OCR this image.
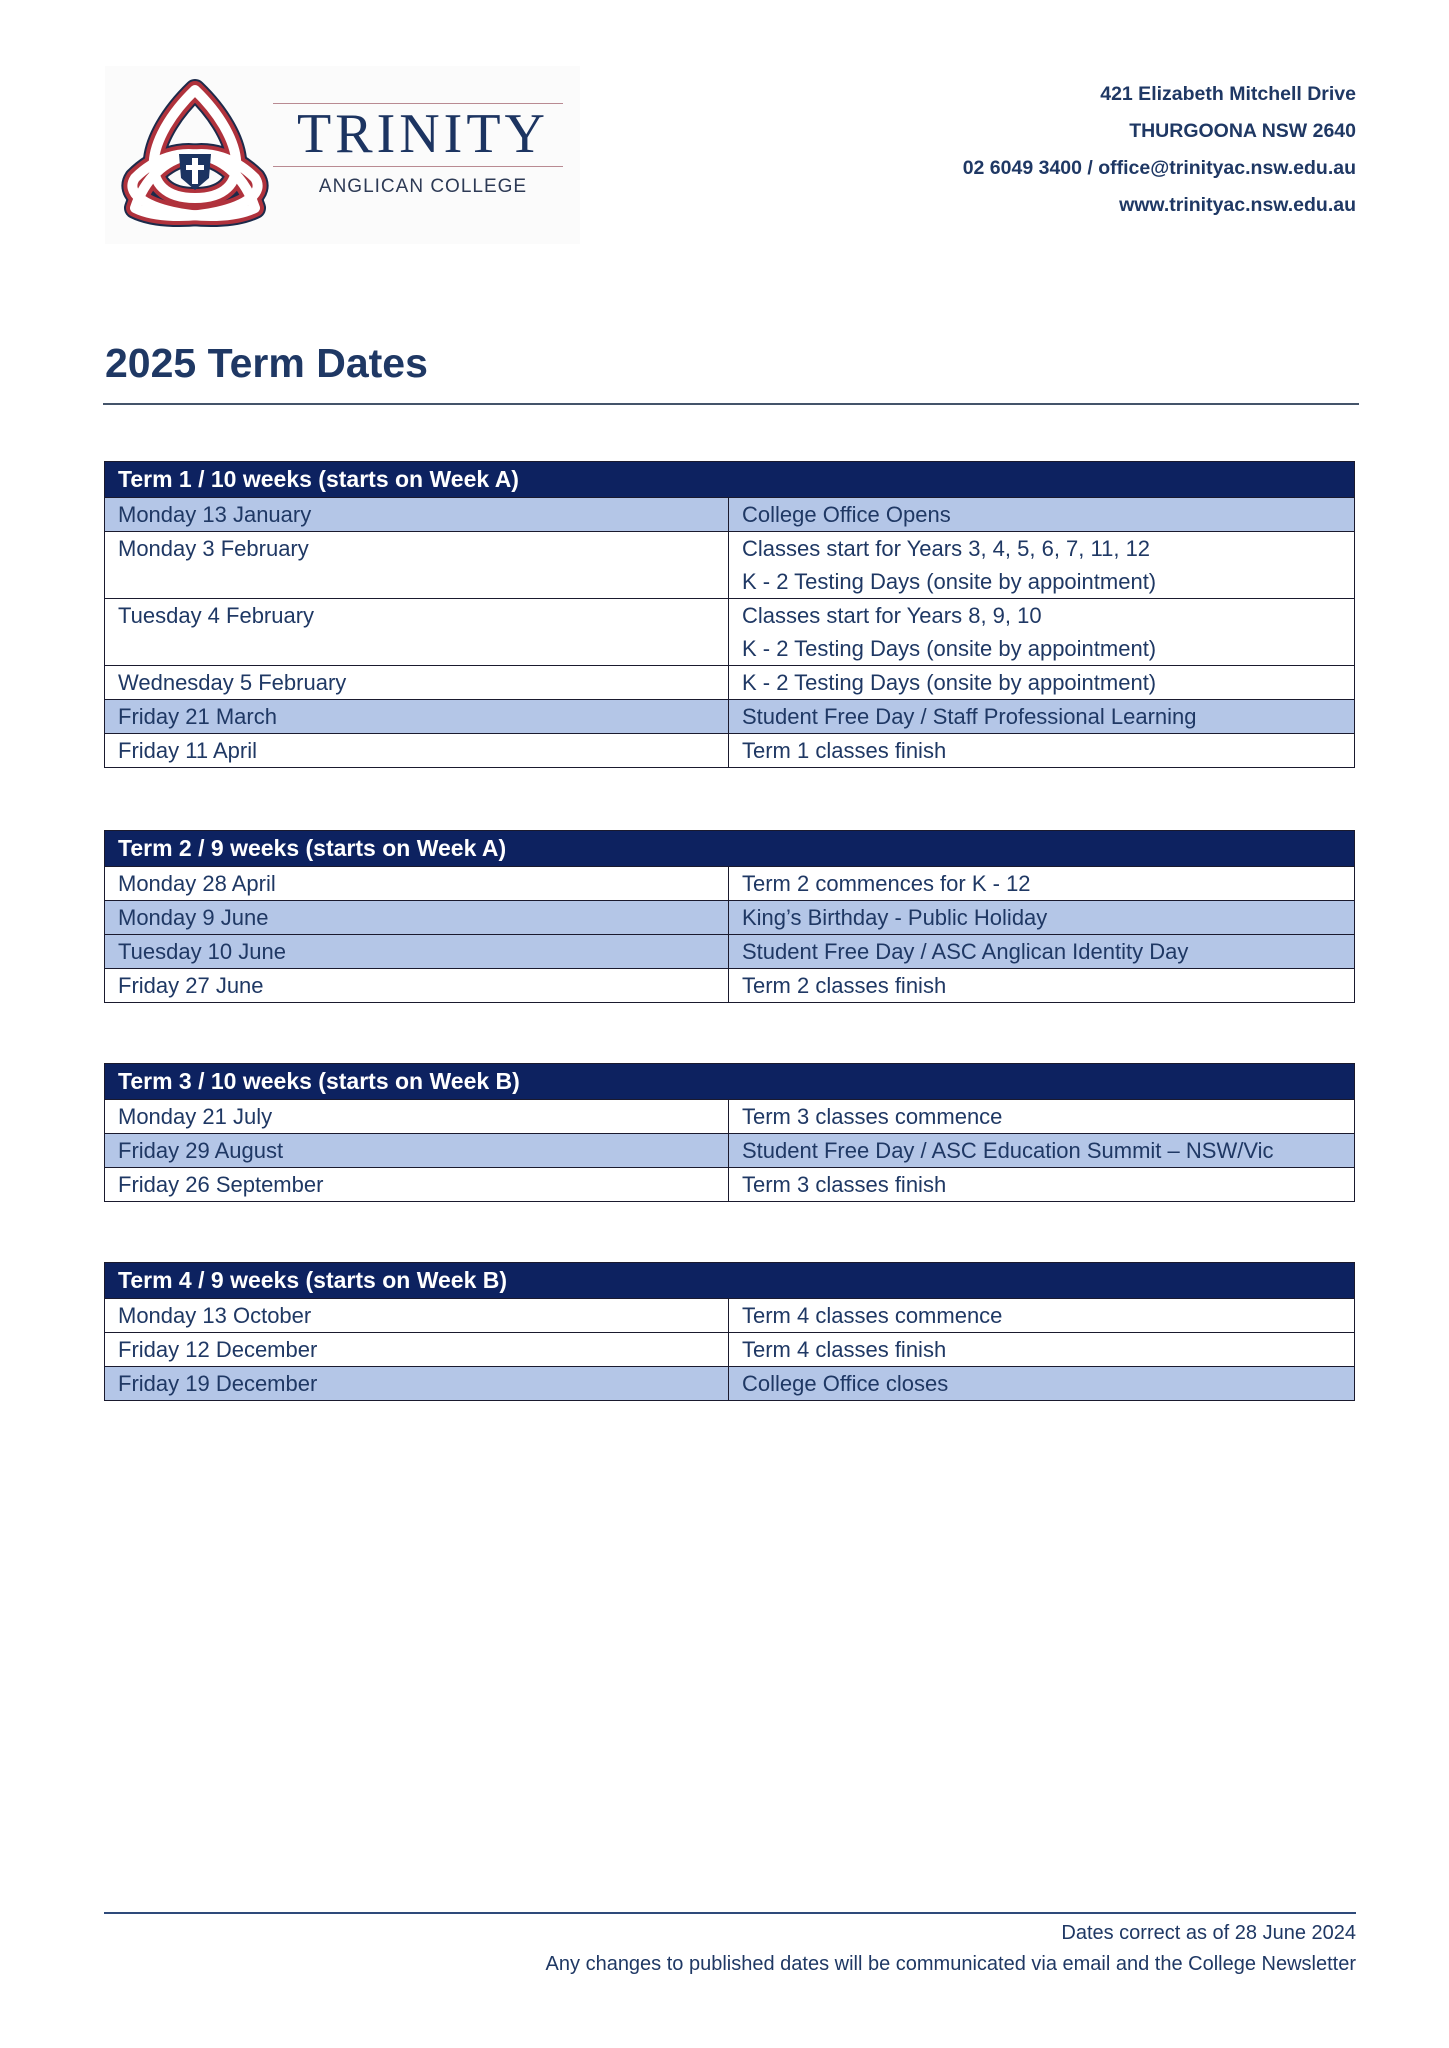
TRINITY
ANGLICAN COLLEGE
421 Elizabeth Mitchell Drive
THURGOONA NSW 2640
02 6049 3400 / office@trinityac.nsw.edu.au
www.trinityac.nsw.edu.au
2025 Term Dates
Term 1 / 10 weeks (starts on Week A)
Monday 13 January	College Office Opens
Monday 3 February	Classes start for Years 3, 4, 5, 6, 7, 11, 12
K - 2 Testing Days (onsite by appointment)
Tuesday 4 February	Classes start for Years 8, 9, 10
K - 2 Testing Days (onsite by appointment)
Wednesday 5 February	K - 2 Testing Days (onsite by appointment)
Friday 21 March	Student Free Day / Staff Professional Learning
Friday 11 April	Term 1 classes finish
Term 2 / 9 weeks (starts on Week A)
Monday 28 April	Term 2 commences for K - 12
Monday 9 June	King’s Birthday - Public Holiday
Tuesday 10 June	Student Free Day / ASC Anglican Identity Day
Friday 27 June	Term 2 classes finish
Term 3 / 10 weeks (starts on Week B)
Monday 21 July	Term 3 classes commence
Friday 29 August	Student Free Day / ASC Education Summit – NSW/Vic
Friday 26 September	Term 3 classes finish
Term 4 / 9 weeks (starts on Week B)
Monday 13 October	Term 4 classes commence
Friday 12 December	Term 4 classes finish
Friday 19 December	College Office closes
Dates correct as of 28 June 2024
Any changes to published dates will be communicated via email and the College Newsletter
